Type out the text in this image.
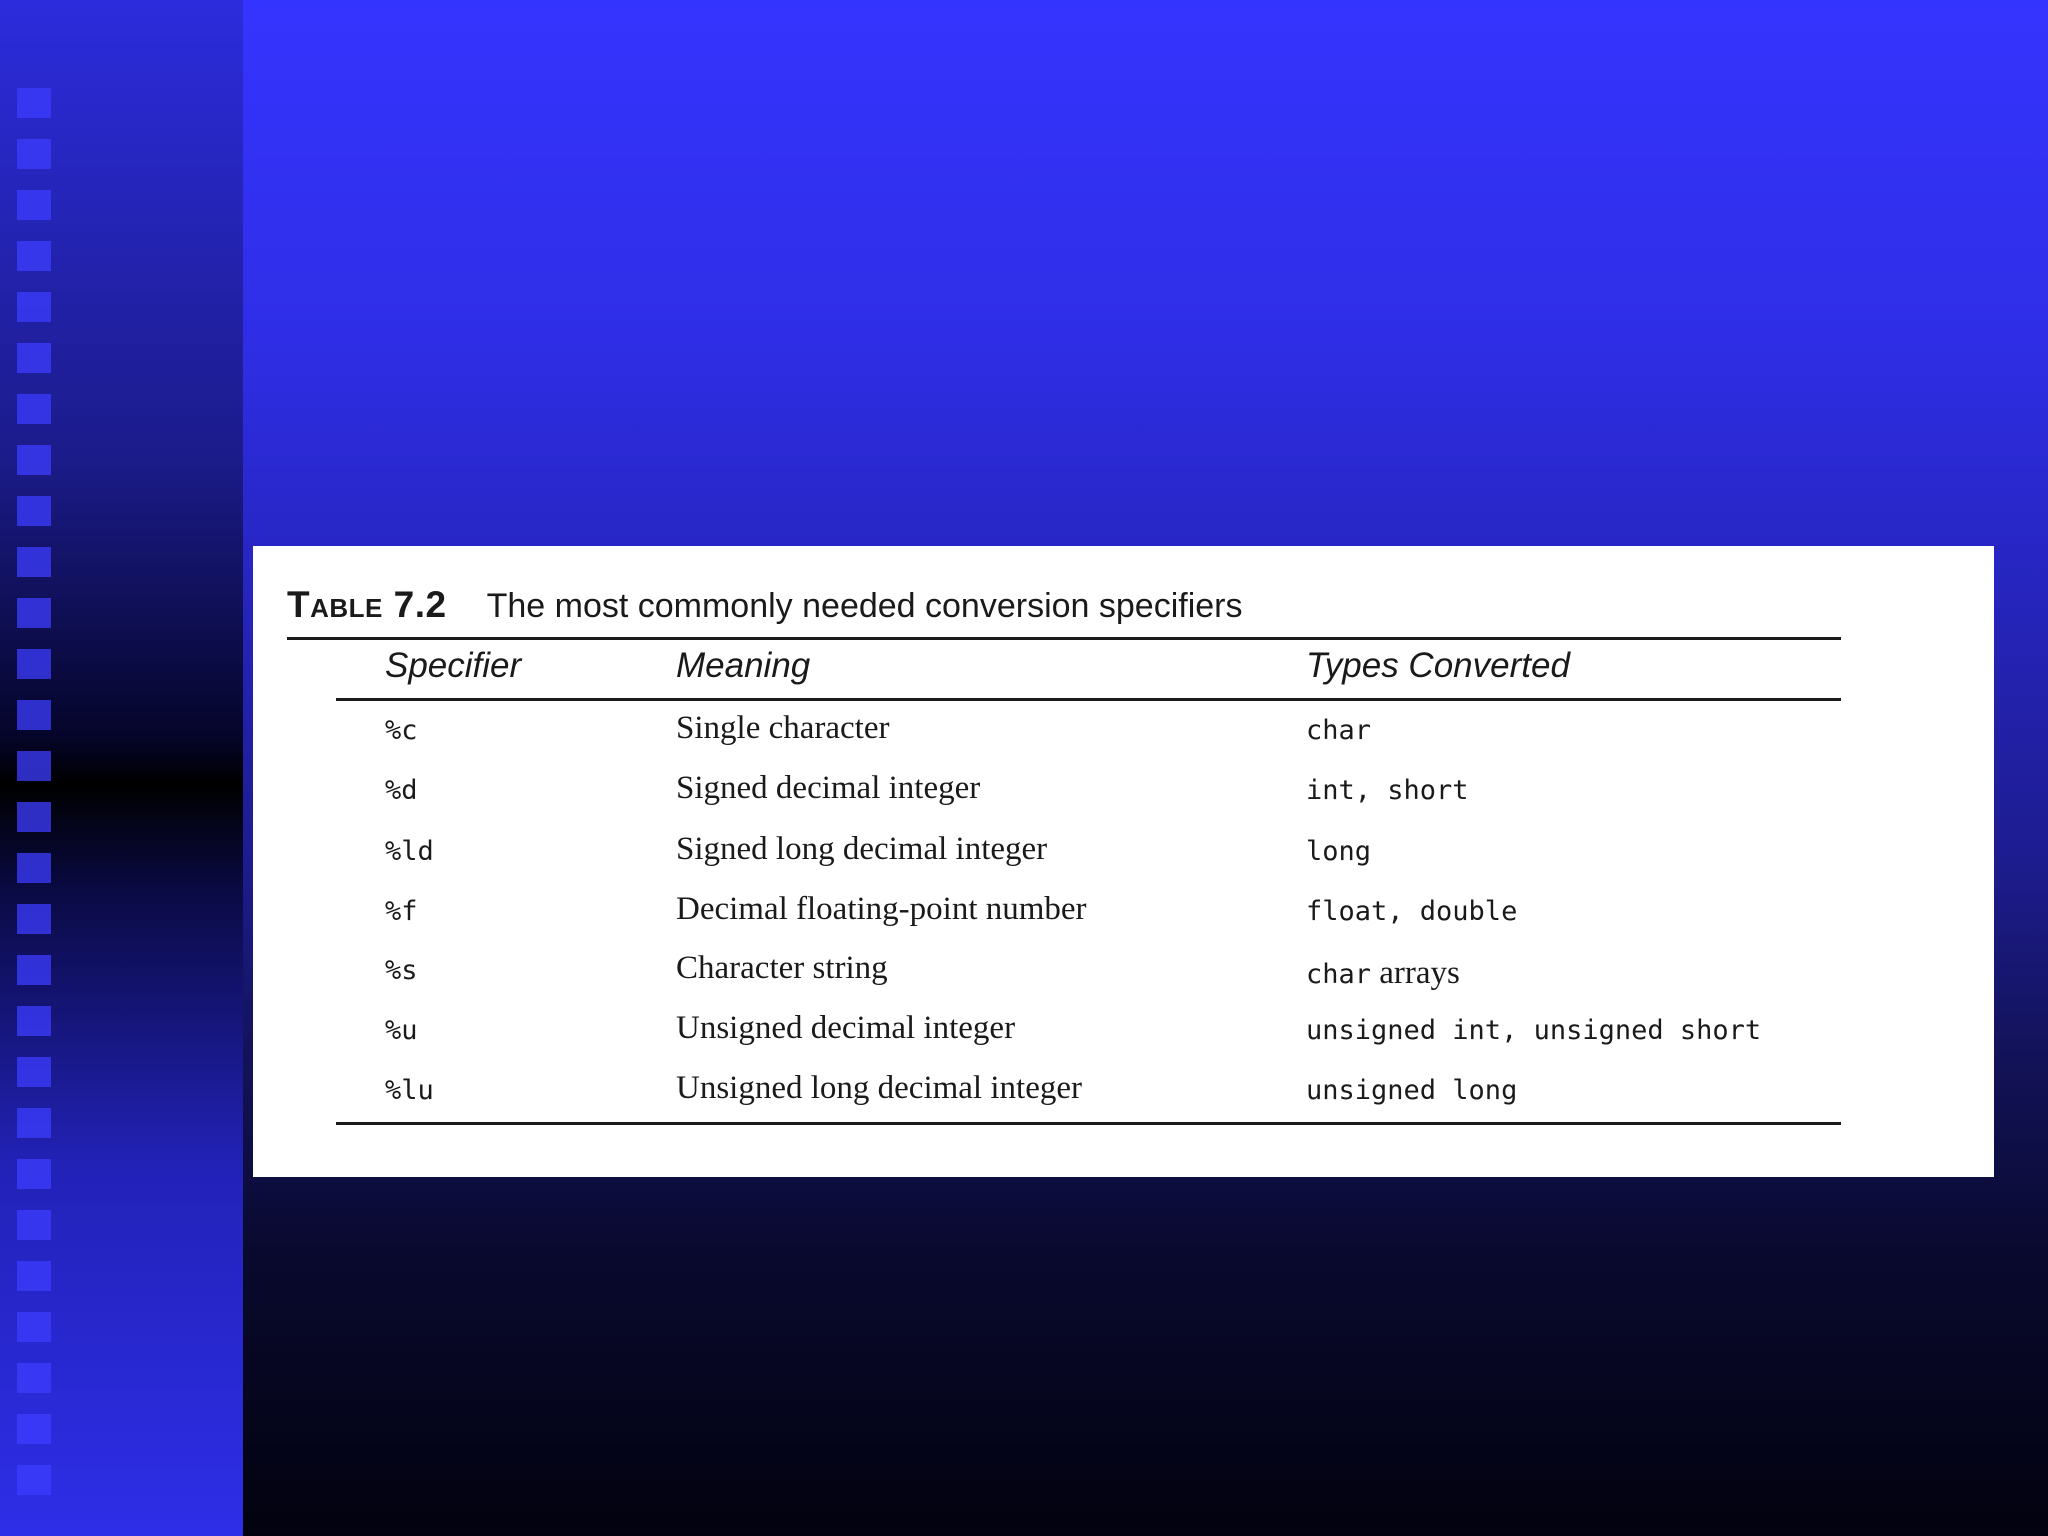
Table 7.2 The most commonly needed conversion specifiers
Specifier	Meaning	Types Converted
%c	Single character	char
%d	Signed decimal integer	int, short
%ld	Signed long decimal integer	long
%f	Decimal floating-point number	float, double
%s	Character string	char arrays
%u	Unsigned decimal integer	unsigned int, unsigned short
%lu	Unsigned long decimal integer	unsigned long
